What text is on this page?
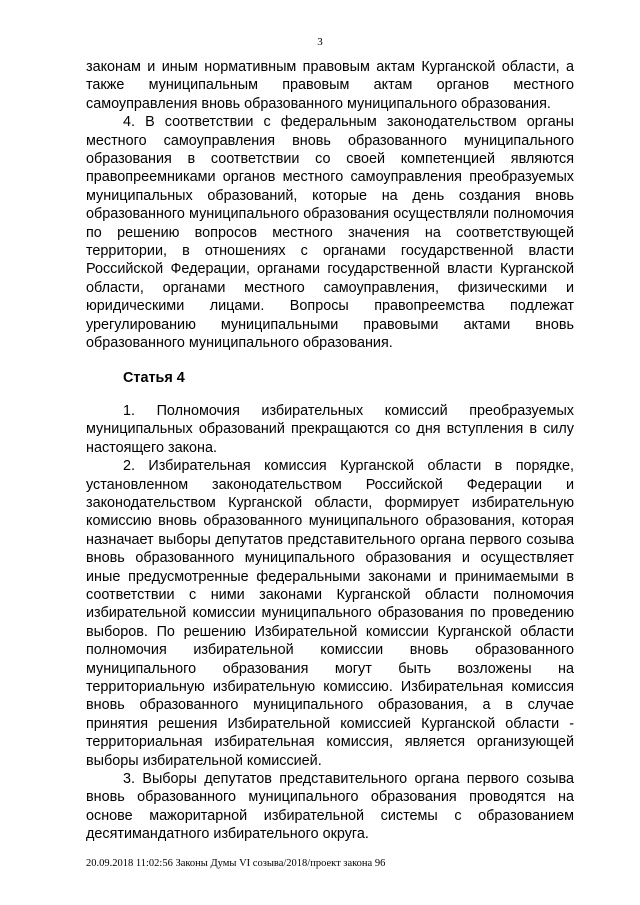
3

законам и иным нормативным правовым актам Курганской области, а также муниципальным правовым актам органов местного самоуправления вновь образованного муниципального образования.

4. В соответствии с федеральным законодательством органы местного самоуправления вновь образованного муниципального образования в соответствии со своей компетенцией являются правопреемниками органов местного самоуправления преобразуемых муниципальных образований, которые на день создания вновь образованного муниципального образования осуществляли полномочия по решению вопросов местного значения на соответствующей территории, в отношениях с органами государственной власти Российской Федерации, органами государственной власти Курганской области, органами местного самоуправления, физическими и юридическими лицами. Вопросы правопреемства подлежат урегулированию муниципальными правовыми актами вновь образованного муниципального образования.

Статья 4

1. Полномочия избирательных комиссий преобразуемых муниципальных образований прекращаются со дня вступления в силу настоящего закона.

2. Избирательная комиссия Курганской области в порядке, установленном законодательством Российской Федерации и законодательством Курганской области, формирует избирательную комиссию вновь образованного муниципального образования, которая назначает выборы депутатов представительного органа первого созыва вновь образованного муниципального образования и осуществляет иные предусмотренные федеральными законами и принимаемыми в соответствии с ними законами Курганской области полномочия избирательной комиссии муниципального образования по проведению выборов. По решению Избирательной комиссии Курганской области полномочия избирательной комиссии вновь образованного муниципального образования могут быть возложены на территориальную избирательную комиссию. Избирательная комиссия вновь образованного муниципального образования, а в случае принятия решения Избирательной комиссией Курганской области - территориальная избирательная комиссия, является организующей выборы избирательной комиссией.

3. Выборы депутатов представительного органа первого созыва вновь образованного муниципального образования проводятся на основе мажоритарной избирательной системы с образованием десятимандатного избирательного округа.

20.09.2018 11:02:56 Законы Думы VI созыва/2018/проект закона 96
